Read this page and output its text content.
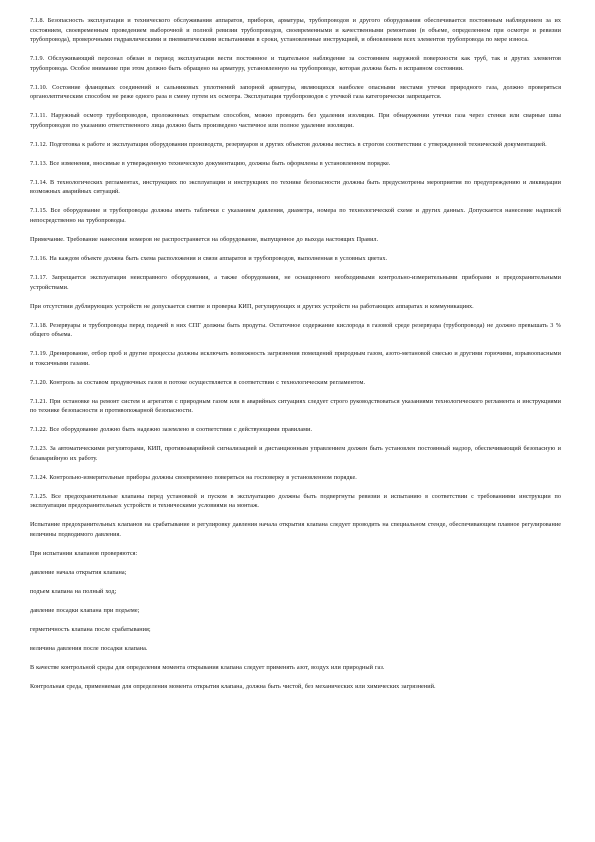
7.1.8. Безопасность эксплуатации и технического обслуживания аппаратов, приборов, арматуры, трубопроводов и другого оборудования обеспечивается постоянным наблюдением за их состоянием, своевременным проведением выборочной и полной ревизии трубопроводов, своевременными и качественными ремонтами (в объеме, определенном при осмотре и ревизии трубопровода), проверочными гидравлическими и пневматическими испытаниями в сроки, установленные инструкцией, и обновлением всех элементов трубопровода по мере износа.

7.1.9. Обслуживающий персонал обязан в период эксплуатации вести постоянное и тщательное наблюдение за состоянием наружной поверхности как труб, так и других элементов трубопровода. Особое внимание при этом должно быть обращено на арматуру, установленную на трубопроводе, которая должна быть в исправном состоянии.

7.1.10. Состояние фланцевых соединений и сальниковых уплотнений запорной арматуры, являющихся наиболее опасными местами утечки природного газа, должно проверяться органолептическим способом не реже одного раза в смену путем их осмотра. Эксплуатация трубопроводов с утечкой газа категорически запрещается.

7.1.11. Наружный осмотр трубопроводов, проложенных открытым способом, можно проводить без удаления изоляции. При обнаружении утечки газа через стенки или сварные швы трубопроводов по указанию ответственного лица должно быть произведено частичное или полное удаление изоляции.

7.1.12. Подготовка к работе и эксплуатация оборудования производств, резервуаров и других объектов должны вестись в строгом соответствии с утвержденной технической документацией.

7.1.13. Все изменения, вносимые в утвержденную техническую документацию, должны быть оформлены в установленном порядке.

7.1.14. В технологических регламентах, инструкциях по эксплуатации и инструкциях по технике безопасности должны быть предусмотрены мероприятия по предупреждению и ликвидации возможных аварийных ситуаций.

7.1.15. Все оборудование и трубопроводы должны иметь таблички с указанием давления, диаметра, номера по технологической схеме и других данных. Допускается нанесение надписей непосредственно на трубопроводы.

Примечание. Требование нанесения номеров не распространяется на оборудование, выпущенное до выхода настоящих Правил.

7.1.16. На каждом объекте должна быть схема расположения и связи аппаратов и трубопроводов, выполненная в условных цветах.

7.1.17. Запрещается эксплуатация неисправного оборудования, а также оборудования, не оснащенного необходимыми контрольно-измерительными приборами и предохранительными устройствами.

При отсутствии дублирующих устройств не допускается снятие и проверка КИП, регулирующих и других устройств на работающих аппаратах и коммуникациях.

7.1.18. Резервуары и трубопроводы перед подачей в них СПГ должны быть продуты. Остаточное содержание кислорода в газовой среде резервуара (трубопровода) не должно превышать 3 % общего объема.

7.1.19. Дренирование, отбор проб и другие процессы должны исключать возможность загрязнения помещений природным газом, азото-метановой смесью и другими горючими, взрывоопасными и токсичными газами.

7.1.20. Контроль за составом продувочных газов в потоке осуществляется в соответствии с технологическим регламентом.

7.1.21. При остановке на ремонт систем и агрегатов с природным газом или в аварийных ситуациях следует строго руководствоваться указаниями технологического регламента и инструкциями по технике безопасности и противопожарной безопасности.

7.1.22. Все оборудование должно быть надежно заземлено в соответствии с действующими правилами.

7.1.23. За автоматическими регуляторами, КИП, противоаварийной сигнализацией и дистанционным управлением должен быть установлен постоянный надзор, обеспечивающий безопасную и безаварийную их работу.

7.1.24. Контрольно-измерительные приборы должны своевременно поверяться на госповерку в установленном порядке.

7.1.25. Все предохранительные клапаны перед установкой и пуском в эксплуатацию должны быть подвергнуты ревизии и испытанию в соответствии с требованиями инструкции по эксплуатации предохранительных устройств и техническими условиями на монтаж.

Испытание предохранительных клапанов на срабатывание и регулировку давления начала открытия клапана следует проводить на специальном стенде, обеспечивающем плавное регулирование величины подводимого давления.

При испытании клапанов проверяются:

давление начала открытия клапана;

подъем клапана на полный ход;

давление посадки клапана при подъеме;

герметичность клапана после срабатывания;

величина давления после посадки клапана.

В качестве контрольной среды для определения момента открывания клапана следует применять азот, воздух или природный газ.

Контрольная среда, применяемая для определения момента открытия клапана, должна быть чистой, без механических или химических загрязнений.
